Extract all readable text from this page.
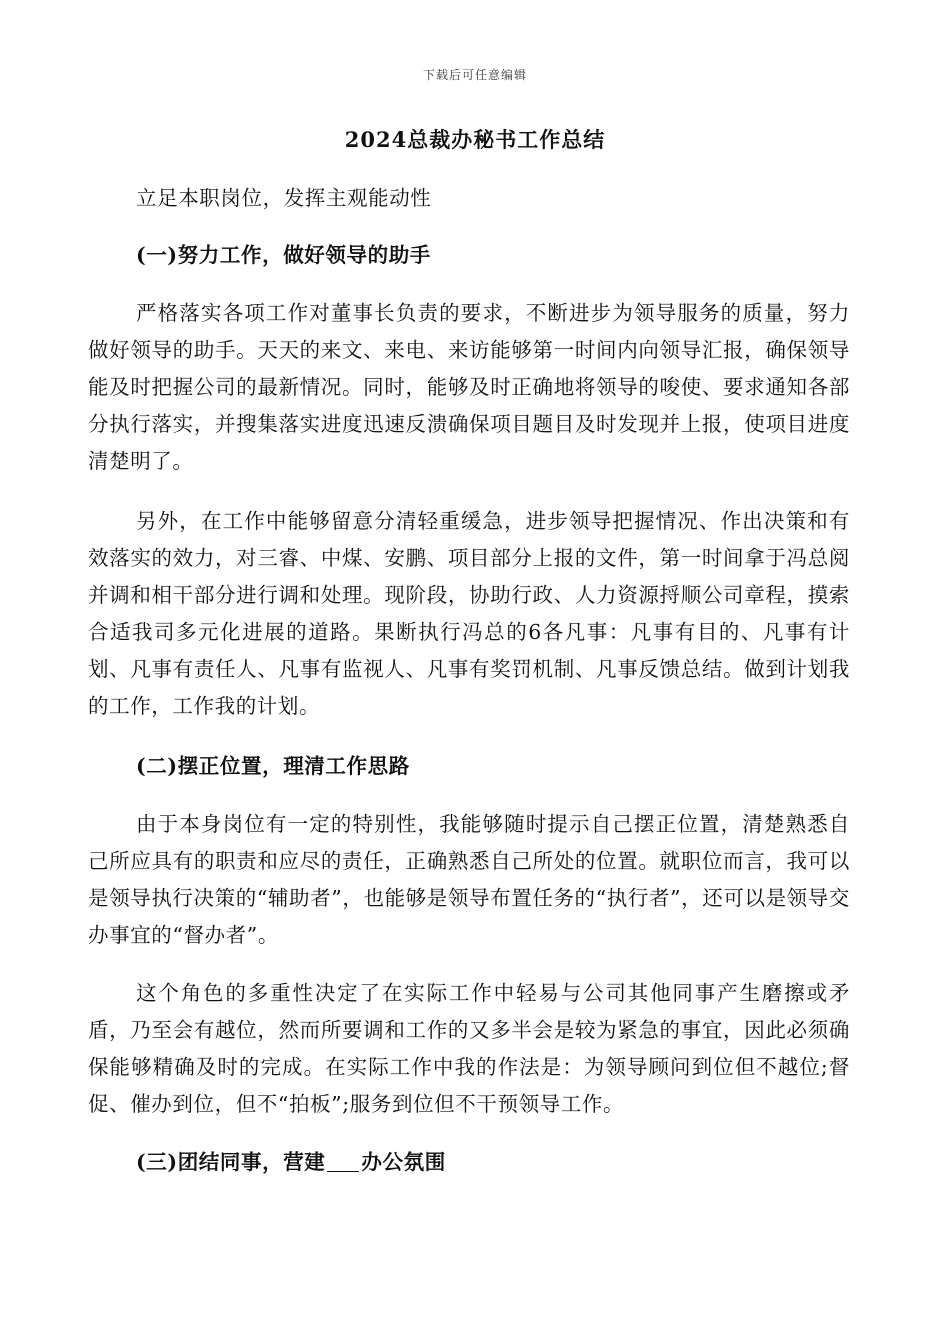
下载后可任意编辑
2024总裁办秘书工作总结
立足本职岗位，发挥主观能动性
(一)努力工作，做好领导的助手
严格落实各项工作对董事长负责的要求，不断进步为领导服务的质量，努力做好领导的助手。天天的来文、来电、来访能够第一时间内向领导汇报，确保领导能及时把握公司的最新情况。同时，能够及时正确地将领导的唆使、要求通知各部分执行落实，并搜集落实进度迅速反溃确保项目题目及时发现并上报，使项目进度清楚明了。
另外，在工作中能够留意分清轻重缓急，进步领导把握情况、作出决策和有效落实的效力，对三睿、中煤、安鹏、项目部分上报的文件，第一时间拿于冯总阅并调和相干部分进行调和处理。现阶段，协助行政、人力资源捋顺公司章程，摸索合适我司多元化进展的道路。果断执行冯总的6各凡事：凡事有目的、凡事有计划、凡事有责任人、凡事有监视人、凡事有奖罚机制、凡事反馈总结。做到计划我的工作，工作我的计划。
(二)摆正位置，理清工作思路
由于本身岗位有一定的特别性，我能够随时提示自己摆正位置，清楚熟悉自己所应具有的职责和应尽的责任，正确熟悉自己所处的位置。就职位而言，我可以是领导执行决策的“辅助者”，也能够是领导布置任务的“执行者”，还可以是领导交办事宜的“督办者”。
这个角色的多重性决定了在实际工作中轻易与公司其他同事产生磨擦或矛盾，乃至会有越位，然而所要调和工作的又多半会是较为紧急的事宜，因此必须确保能够精确及时的完成。在实际工作中我的作法是：为领导顾问到位但不越位;督促、催办到位，但不“拍板”;服务到位但不干预领导工作。
(三)团结同事，营建 办公氛围
